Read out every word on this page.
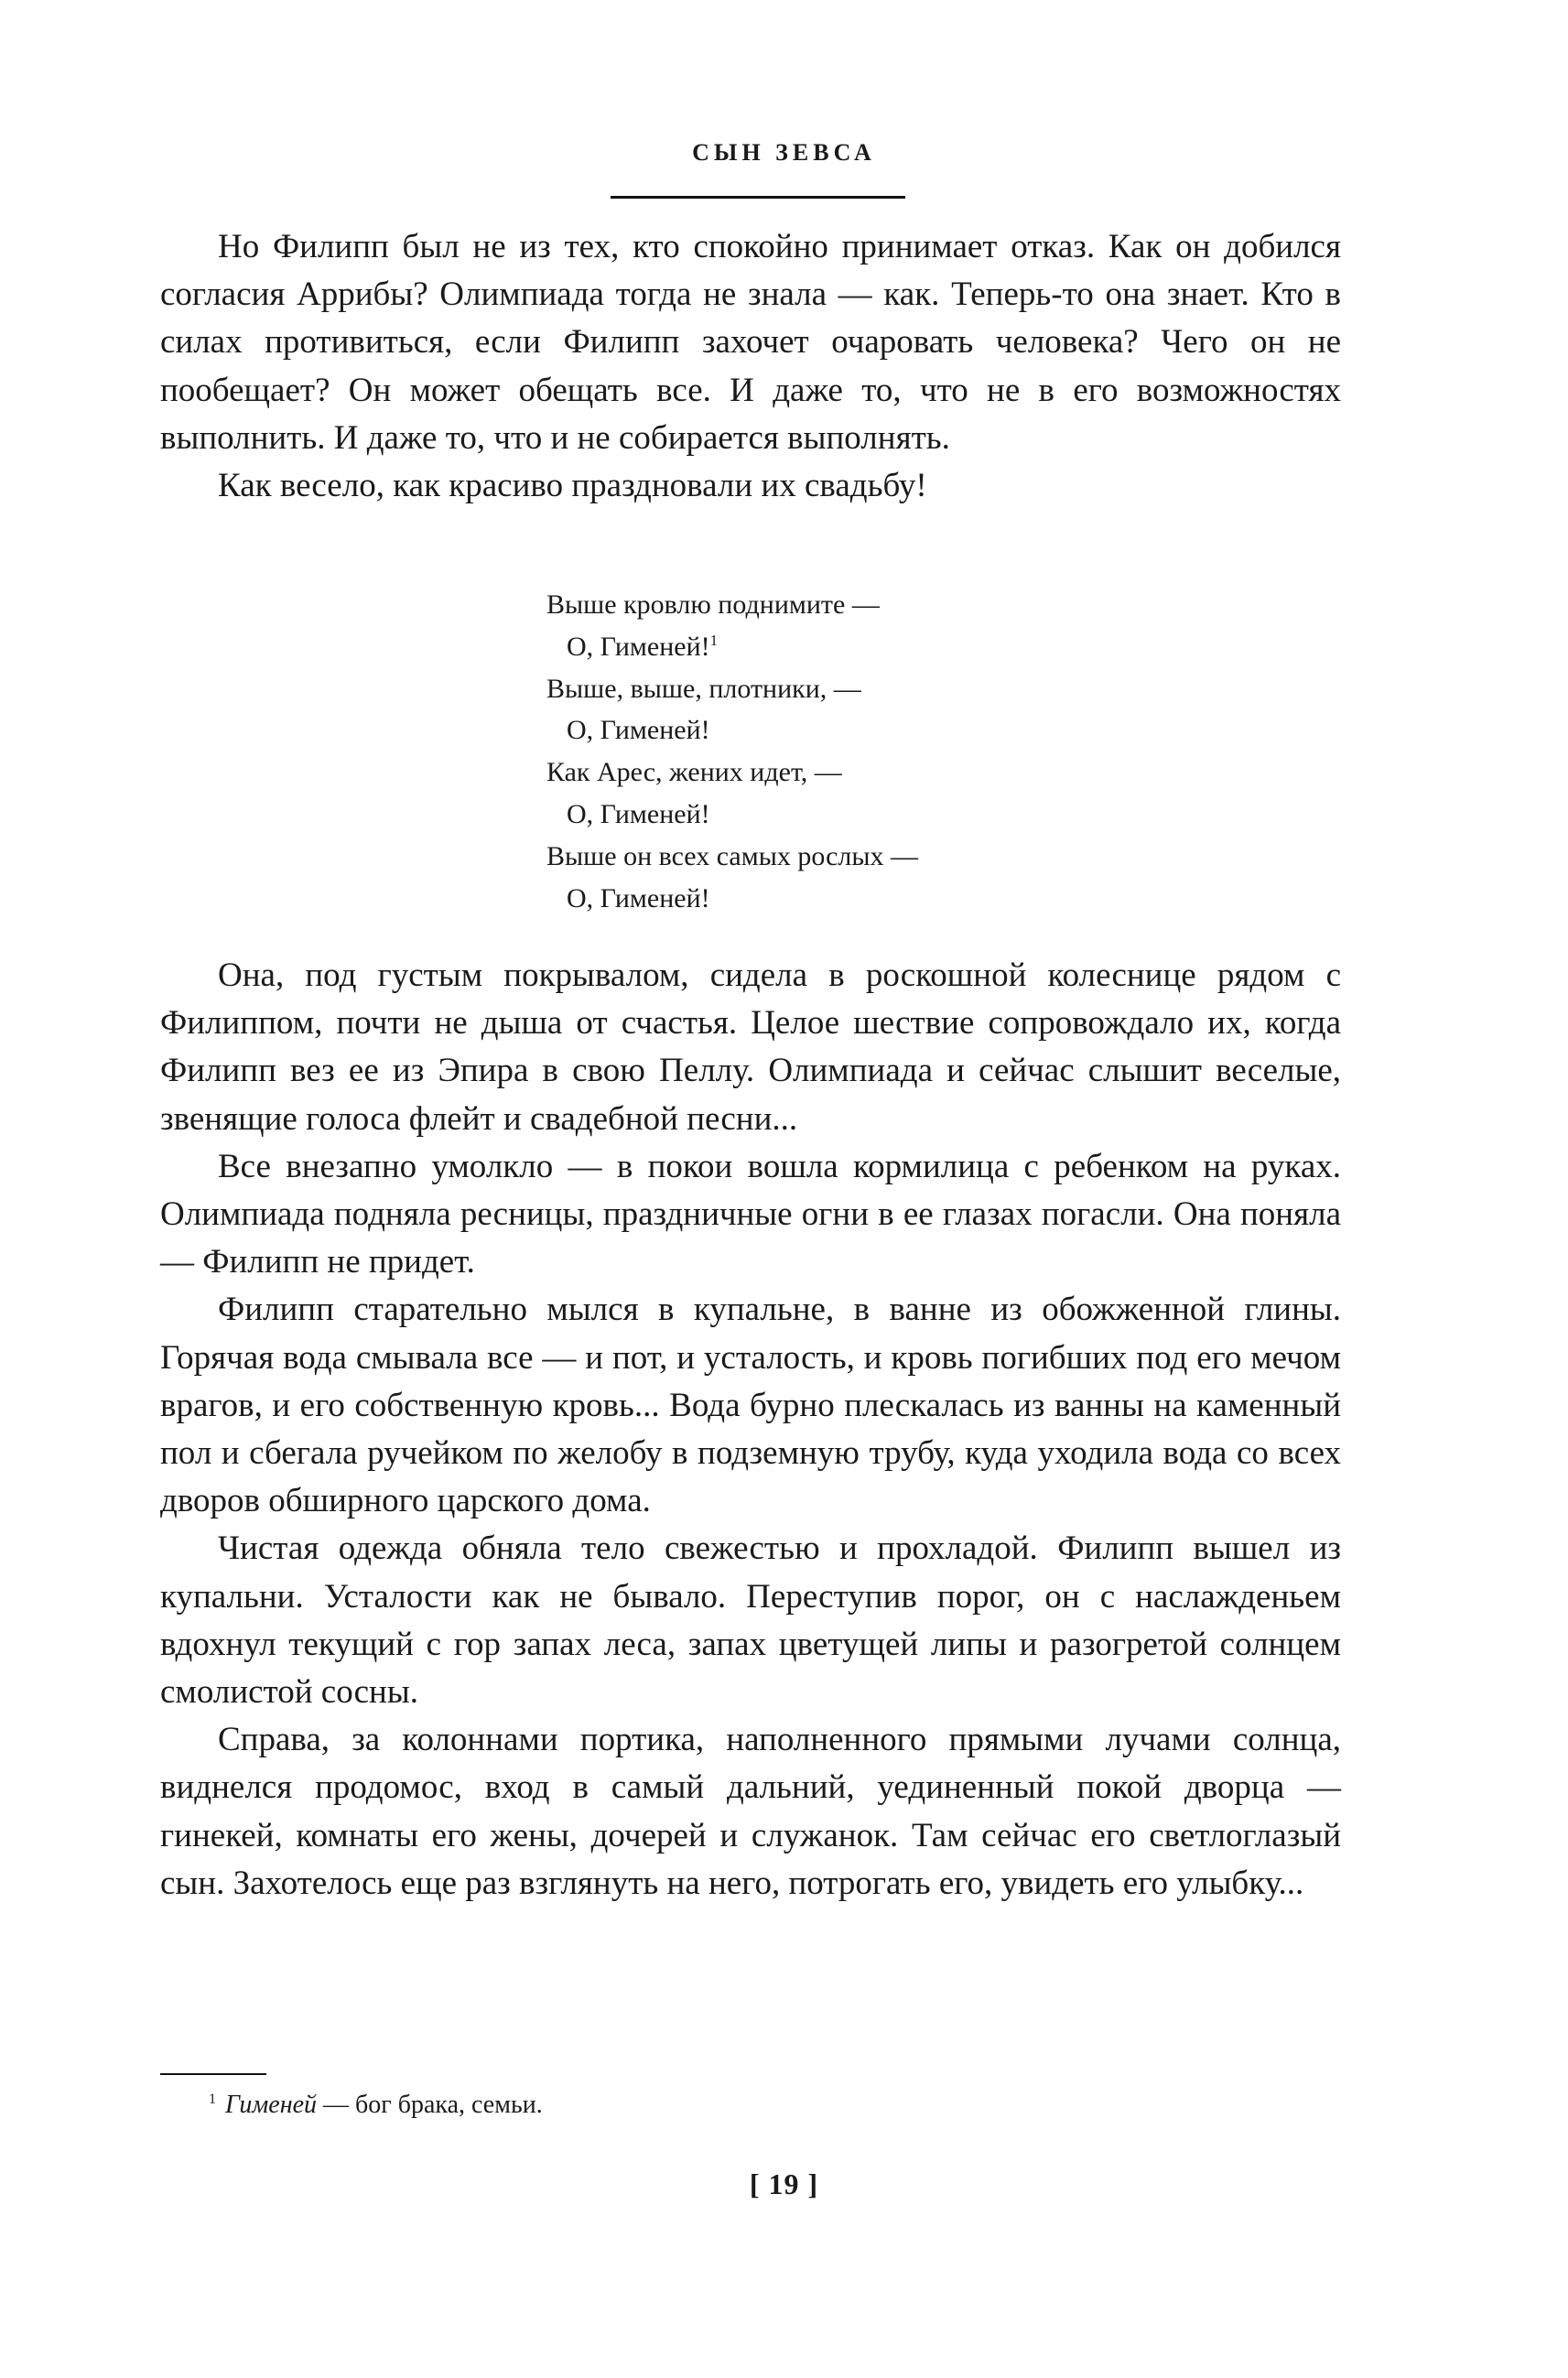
СЫН ЗЕВСА

Но Филипп был не из тех, кто спокойно принимает отказ. Как он добился согласия Аррибы? Олимпиада тогда не знала — как. Теперь-то она знает. Кто в силах противиться, если Филипп захочет очаровать человека? Чего он не пообещает? Он может обещать все. И даже то, что не в его возможностях выполнить. И даже то, что и не собирается выполнять.

Как весело, как красиво праздновали их свадьбу!

Выше кровлю поднимите —

О, Гименей!$^1$

Выше, выше, плотники, —

О, Гименей!

Как Арес, жених идет, —

О, Гименей!

Выше он всех самых рослых —

О, Гименей!

Она, под густым покрывалом, сидела в роскошной колеснице рядом с Филиппом, почти не дыша от счастья. Целое шествие сопровождало их, когда Филипп вез ее из Эпира в свою Пеллу. Олимпиада и сейчас слышит веселые, звенящие голоса флейт и свадебной песни...

Все внезапно умолкло — в покои вошла кормилица с ребенком на руках. Олимпиада подняла ресницы, праздничные огни в ее глазах погасли. Она поняла — Филипп не придет.

Филипп старательно мылся в купальне, в ванне из обожженной глины. Горячая вода смывала все — и пот, и усталость, и кровь погибших под его мечом врагов, и его собственную кровь... Вода бурно плескалась из ванны на каменный пол и сбегала ручейком по желобу в подземную трубу, куда уходила вода со всех дворов обширного царского дома.

Чистая одежда обняла тело свежестью и прохладой. Филипп вышел из купальни. Усталости как не бывало. Переступив порог, он с наслажденьем вдохнул текущий с гор запах леса, запах цветущей липы и разогретой солнцем смолистой сосны.

Справа, за колоннами портика, наполненного прямыми лучами солнца, виднелся продомос, вход в самый дальний, уединенный покой дворца — гинекей, комнаты его жены, дочерей и служанок. Там сейчас его светлоглазый сын. Захотелось еще раз взглянуть на него, потрогать его, увидеть его улыбку...

$^1$ Гименей — бог брака, семьи.
[ 19 ]
